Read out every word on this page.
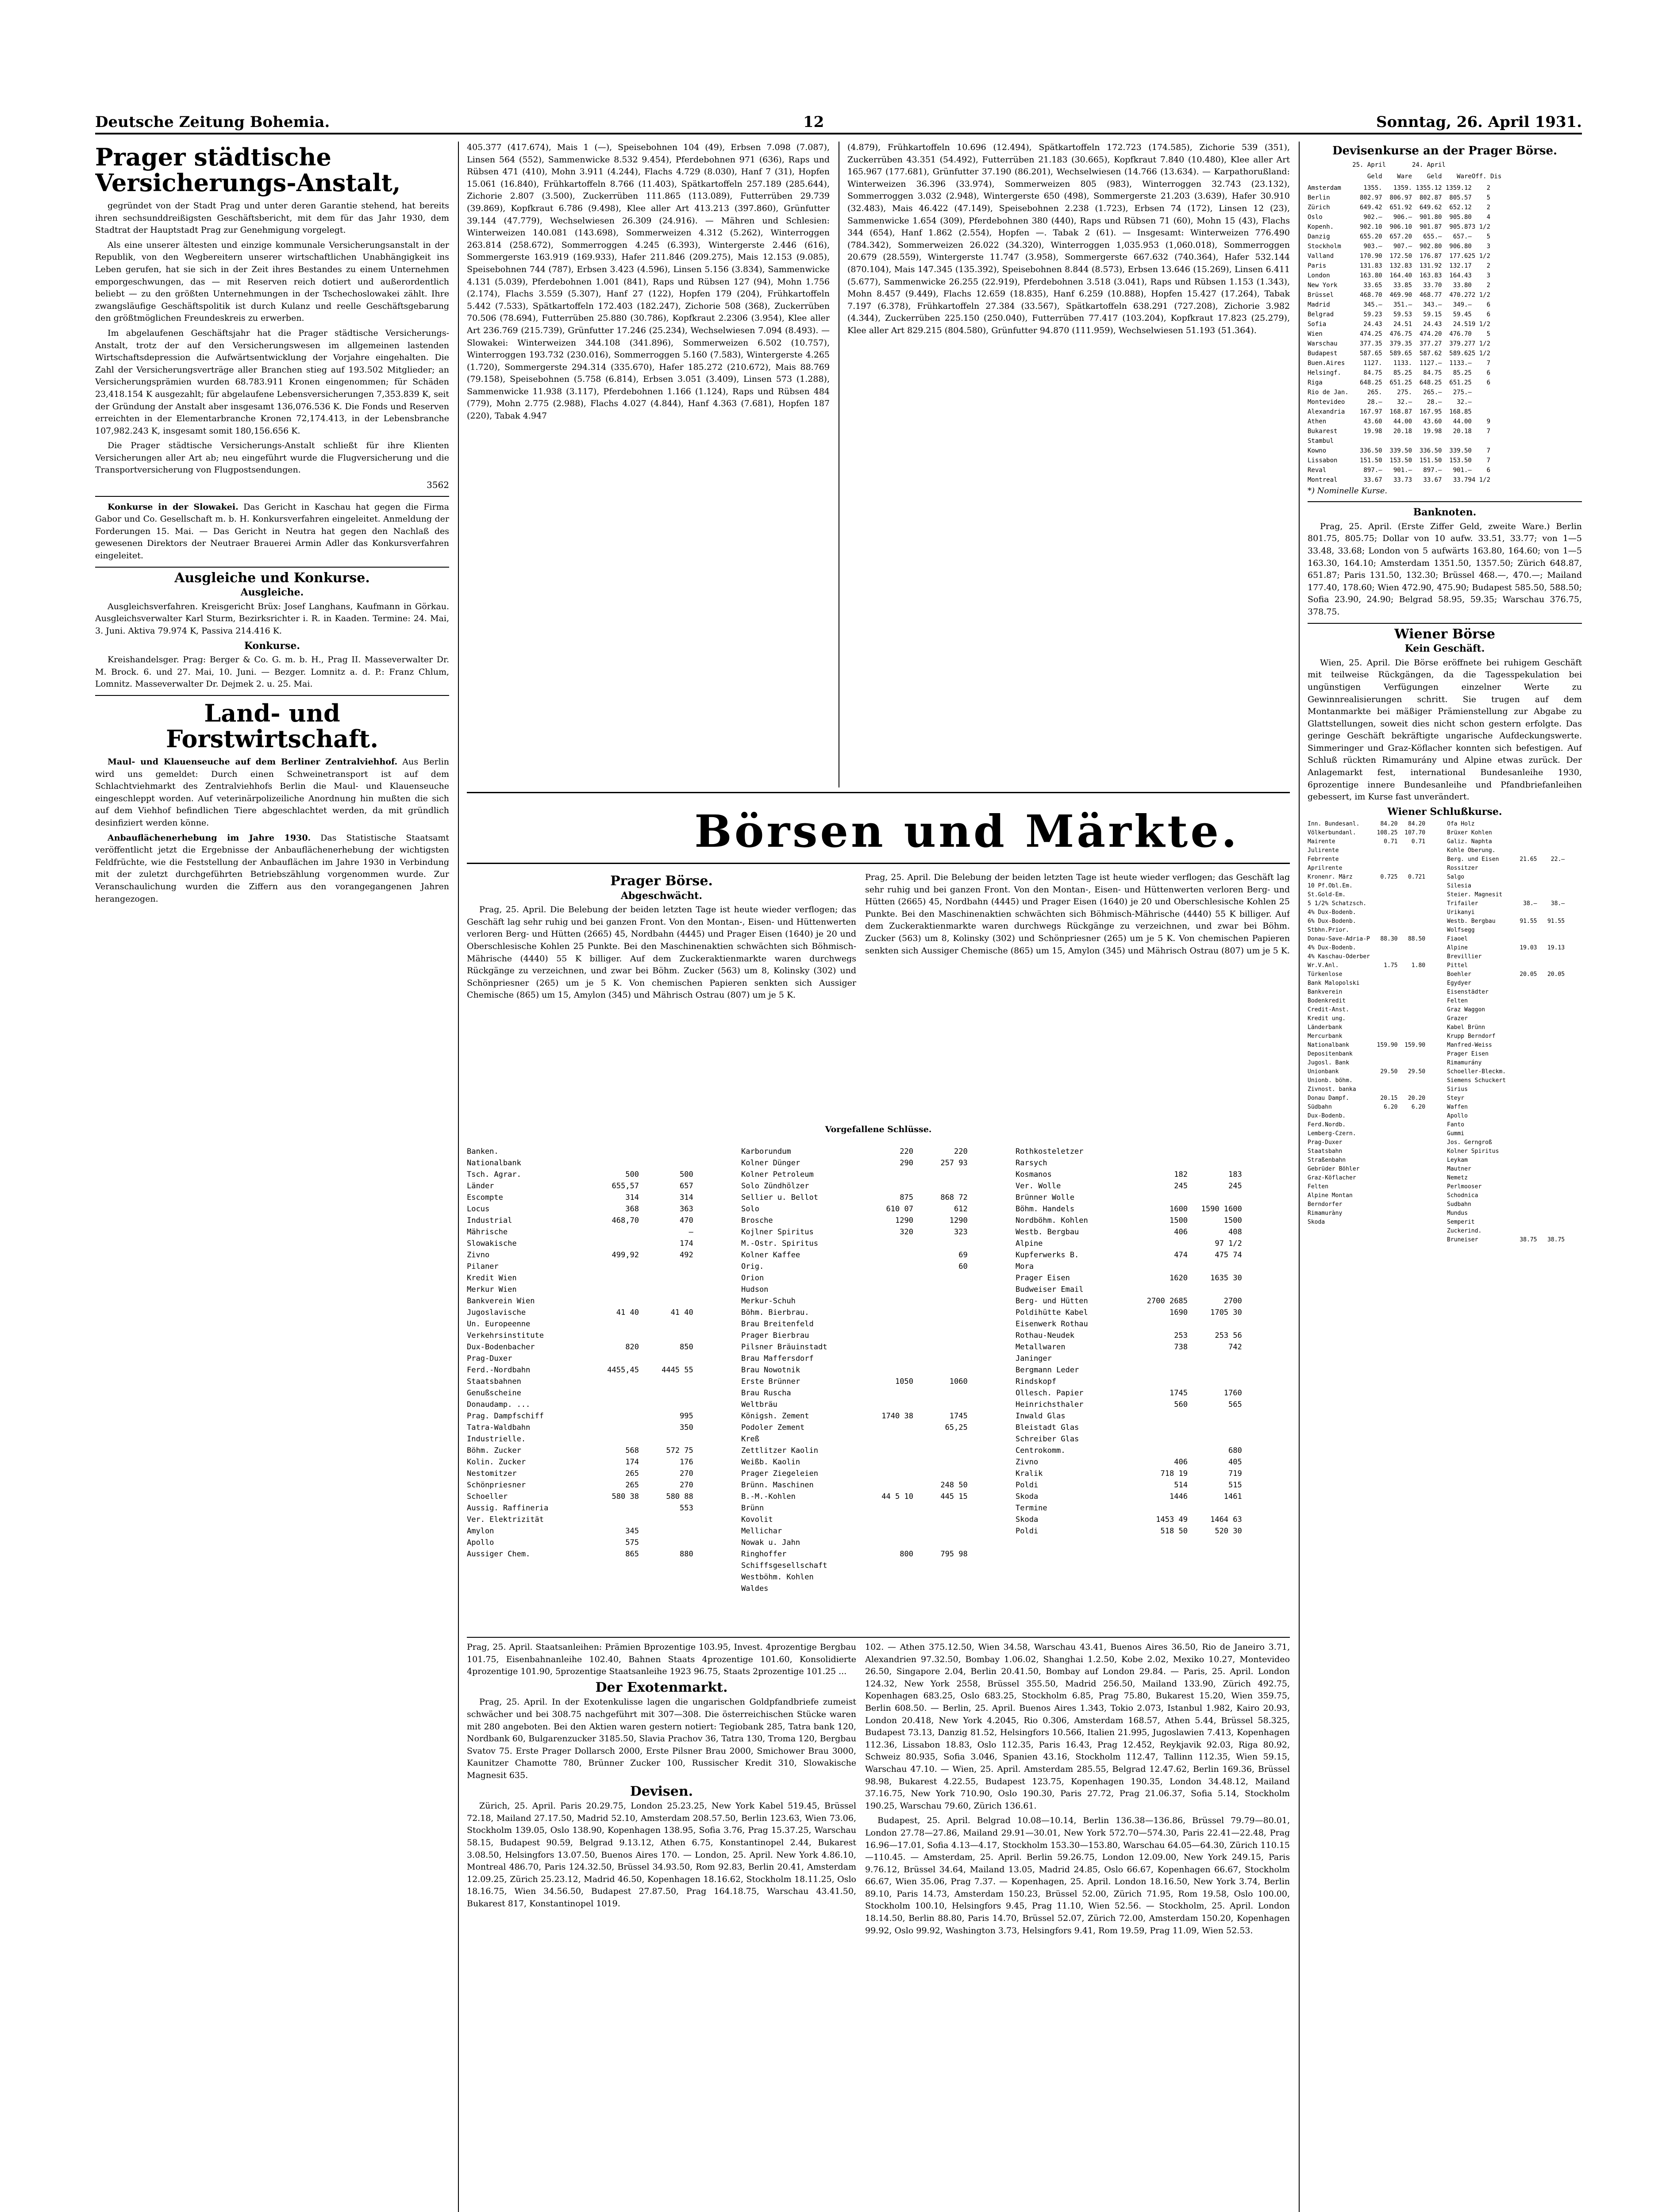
Deutsche Zeitung Bohemia.	12	Sonntag, 26. April 1931.
Prager städtische Versicherungs-Anstalt,

gegründet von der Stadt Prag und unter deren Garantie stehend, hat bereits ihren sechsunddreißigsten Geschäftsbericht, mit dem für das Jahr 1930, dem Stadtrat der Hauptstadt Prag zur Genehmigung vorgelegt.

Als eine unserer ältesten und einzige kommunale Versicherungsanstalt in der Republik, von den Wegbereitern unserer wirtschaftlichen Unabhängigkeit ins Leben gerufen, hat sie sich in der Zeit ihres Bestandes zu einem Unternehmen emporgeschwungen, das — mit Reserven reich dotiert und außerordentlich beliebt — zu den größten Unternehmungen in der Tschechoslowakei zählt. Ihre zwangsläufige Geschäftspolitik ist durch Kulanz und reelle Geschäftsgebarung den größtmöglichen Freundeskreis zu erwerben.

Im abgelaufenen Geschäftsjahr hat die Prager städtische Versicherungs-Anstalt, trotz der auf den Versicherungswesen im allgemeinen lastenden Wirtschaftsdepression die Aufwärtsentwicklung der Vorjahre eingehalten. Die Zahl der Versicherungsverträge aller Branchen stieg auf 193.502 Mitglieder; an Versicherungsprämien wurden 68.783.911 Kronen eingenommen; für Schäden 23,418.154 K ausgezahlt; für abgelaufene Lebensversicherungen 7,353.839 K, seit der Gründung der Anstalt aber insgesamt 136,076.536 K. Die Fonds und Reserven erreichten in der Elementarbranche Kronen 72,174.413, in der Lebensbranche 107,982.243 K, insgesamt somit 180,156.656 K.

Die Prager städtische Versicherungs-Anstalt schließt für ihre Klienten Versicherungen aller Art ab; neu eingeführt wurde die Flugversicherung und die Transportversicherung von Flugpostsendungen.

3562

Konkurse in der Slowakei. Das Gericht in Kaschau hat gegen die Firma Gabor und Co. Gesellschaft m. b. H. Konkursverfahren eingeleitet. Anmeldung der Forderungen 15. Mai. — Das Gericht in Neutra hat gegen den Nachlaß des gewesenen Direktors der Neutraer Brauerei Armin Adler das Konkursverfahren eingeleitet.

Ausgleiche und Konkurse.
Ausgleiche.

Ausgleichsverfahren. Kreisgericht Brüx: Josef Langhans, Kaufmann in Görkau. Ausgleichsverwalter Karl Sturm, Bezirksrichter i. R. in Kaaden. Termine: 24. Mai, 3. Juni. Aktiva 79.974 K, Passiva 214.416 K.

Konkurse.

Kreishandelsger. Prag: Berger & Co. G. m. b. H., Prag II. Masseverwalter Dr. M. Brock. 6. und 27. Mai, 10. Juni. — Bezger. Lomnitz a. d. P.: Franz Chlum, Lomnitz. Masseverwalter Dr. Dejmek 2. u. 25. Mai.

Land- und Forstwirtschaft.

Maul- und Klauenseuche auf dem Berliner Zentralviehhof. Aus Berlin wird uns gemeldet: Durch einen Schweinetransport ist auf dem Schlachtviehmarkt des Zentralviehhofs Berlin die Maul- und Klauenseuche eingeschleppt worden. Auf veterinärpolizeiliche Anordnung hin mußten die sich auf dem Viehhof befindlichen Tiere abgeschlachtet werden, da mit gründlich desinfiziert werden könne.

Anbauflächenerhebung im Jahre 1930. Das Statistische Staatsamt veröffentlicht jetzt die Ergebnisse der Anbauflächenerhebung der wichtigsten Feldfrüchte, wie die Feststellung der Anbauflächen im Jahre 1930 in Verbindung mit der zuletzt durchgeführten Betriebszählung vorgenommen wurde. Zur Veranschaulichung wurden die Ziffern aus den vorangegangenen Jahren herangezogen.

405.377 (417.674), Mais 1 (—), Speisebohnen 104 (49), Erbsen 7.098 (7.087), Linsen 564 (552), Sammenwicke 8.532 9.454), Pferdebohnen 971 (636), Raps und Rübsen 471 (410), Mohn 3.911 (4.244), Flachs 4.729 (8.030), Hanf 7 (31), Hopfen 15.061 (16.840), Frühkartoffeln 8.766 (11.403), Spätkartoffeln 257.189 (285.644), Zichorie 2.807 (3.500), Zuckerrüben 111.865 (113.089), Futterrüben 29.739 (39.869), Kopfkraut 6.786 (9.498), Klee aller Art 413.213 (397.860), Grünfutter 39.144 (47.779), Wechselwiesen 26.309 (24.916). — Mähren und Schlesien: Winterweizen 140.081 (143.698), Sommerweizen 4.312 (5.262), Winterroggen 263.814 (258.672), Sommerroggen 4.245 (6.393), Wintergerste 2.446 (616), Sommergerste 163.919 (169.933), Hafer 211.846 (209.275), Mais 12.153 (9.085), Speisebohnen 744 (787), Erbsen 3.423 (4.596), Linsen 5.156 (3.834), Sammenwicke 4.131 (5.039), Pferdebohnen 1.001 (841), Raps und Rübsen 127 (94), Mohn 1.756 (2.174), Flachs 3.559 (5.307), Hanf 27 (122), Hopfen 179 (204), Frühkartoffeln 5.442 (7.533), Spätkartoffeln 172.403 (182.247), Zichorie 508 (368), Zuckerrüben 70.506 (78.694), Futterrüben 25.880 (30.786), Kopfkraut 2.2306 (3.954), Klee aller Art 236.769 (215.739), Grünfutter 17.246 (25.234), Wechselwiesen 7.094 (8.493). — Slowakei: Winterweizen 344.108 (341.896), Sommerweizen 6.502 (10.757), Winterroggen 193.732 (230.016), Sommerroggen 5.160 (7.583), Wintergerste 4.265 (1.720), Sommergerste 294.314 (335.670), Hafer 185.272 (210.672), Mais 88.769 (79.158), Speisebohnen (5.758 (6.814), Erbsen 3.051 (3.409), Linsen 573 (1.288), Sammenwicke 11.938 (3.117), Pferdebohnen 1.166 (1.124), Raps und Rübsen 484 (779), Mohn 2.775 (2.988), Flachs 4.027 (4.844), Hanf 4.363 (7.681), Hopfen 187 (220), Tabak 4.947

(4.879), Frühkartoffeln 10.696 (12.494), Spätkartoffeln 172.723 (174.585), Zichorie 539 (351), Zuckerrüben 43.351 (54.492), Futterrüben 21.183 (30.665), Kopfkraut 7.840 (10.480), Klee aller Art 165.967 (177.681), Grünfutter 37.190 (86.201), Wechselwiesen (14.766 (13.634). — Karpathorußland: Winterweizen 36.396 (33.974), Sommerweizen 805 (983), Winterroggen 32.743 (23.132), Sommerroggen 3.032 (2.948), Wintergerste 650 (498), Sommergerste 21.203 (3.639), Hafer 30.910 (32.483), Mais 46.422 (47.149), Speisebohnen 2.238 (1.723), Erbsen 74 (172), Linsen 12 (23), Sammenwicke 1.654 (309), Pferdebohnen 380 (440), Raps und Rübsen 71 (60), Mohn 15 (43), Flachs 344 (654), Hanf 1.862 (2.554), Hopfen —. Tabak 2 (61). — Insgesamt: Winterweizen 776.490 (784.342), Sommerweizen 26.022 (34.320), Winterroggen 1,035.953 (1,060.018), Sommerroggen 20.679 (28.559), Wintergerste 11.747 (3.958), Sommergerste 667.632 (740.364), Hafer 532.144 (870.104), Mais 147.345 (135.392), Speisebohnen 8.844 (8.573), Erbsen 13.646 (15.269), Linsen 6.411 (5.677), Sammenwicke 26.255 (22.919), Pferdebohnen 3.518 (3.041), Raps und Rübsen 1.153 (1.343), Mohn 8.457 (9.449), Flachs 12.659 (18.835), Hanf 6.259 (10.888), Hopfen 15.427 (17.264), Tabak 7.197 (6.378), Frühkartoffeln 27.384 (33.567), Spätkartoffeln 638.291 (727.208), Zichorie 3.982 (4.344), Zuckerrüben 225.150 (250.040), Futterrüben 77.417 (103.204), Kopfkraut 17.823 (25.279), Klee aller Art 829.215 (804.580), Grünfutter 94.870 (111.959), Wechselwiesen 51.193 (51.364).

Börsen und Märkte.
Prager Börse.
Abgeschwächt.

Prag, 25. April. Die Belebung der beiden letzten Tage ist heute wieder verflogen; das Geschäft lag sehr ruhig und bei ganzen Front. Von den Montan-, Eisen- und Hüttenwerten verloren Berg- und Hütten (2665) 45, Nordbahn (4445) und Prager Eisen (1640) je 20 und Oberschlesische Kohlen 25 Punkte. Bei den Maschinenaktien schwächten sich Böhmisch-Mährische (4440) 55 K billiger. Auf dem Zuckeraktienmarkte waren durchwegs Rückgänge zu verzeichnen, und zwar bei Böhm. Zucker (563) um 8, Kolinsky (302) und Schönpriesner (265) um je 5 K. Von chemischen Papieren senkten sich Aussiger Chemische (865) um 15, Amylon (345) und Mährisch Ostrau (807) um je 5 K.

Prag, 25. April. Die Belebung der beiden letzten Tage ist heute wieder verflogen; das Geschäft lag sehr ruhig und bei ganzen Front. Von den Montan-, Eisen- und Hüttenwerten verloren Berg- und Hütten (2665) 45, Nordbahn (4445) und Prager Eisen (1640) je 20 und Oberschlesische Kohlen 25 Punkte. Bei den Maschinenaktien schwächten sich Böhmisch-Mährische (4440) 55 K billiger. Auf dem Zuckeraktienmarkte waren durchwegs Rückgänge zu verzeichnen, und zwar bei Böhm. Zucker (563) um 8, Kolinsky (302) und Schönpriesner (265) um je 5 K. Von chemischen Papieren senkten sich Aussiger Chemische (865) um 15, Amylon (345) und Mährisch Ostrau (807) um je 5 K.

Vorgefallene Schlüsse.
Banken.
Nationalbank
Tsch. Agrar.                       500         500
Länder                          655,57         657
Escompte                           314         314
Locus                              368         363
Industrial                      468,70         470
Mährische                                        —
Slowakische                                    174
Zivno                           499,92         492
Pilaner
Kredit Wien
Merkur Wien
Bankverein Wien
Jugoslavische                    41 40       41 40
Un. Europeenne
Verkehrsinstitute
Dux-Bodenbacher                    820         850
Prag-Duxer
Ferd.-Nordbahn                 4455,45     4445 55
Staatsbahnen
Genußscheine
Donaudamp. ...
Prag. Dampfschiff                              995
Tatra-Waldbahn                                 350
Industrielle.
Böhm. Zucker                       568      572 75
Kolin. Zucker                      174         176
Nestomitzer                        265         270
Schönpriesner                      265         270
Schoeller                       580 38      580 88
Aussig. Raffineria                             553
Ver. Elektrizität
Amylon                             345
Apollo                             575
Aussiger Chem.                     865         880
Karborundum                        220         220
Kolner Dünger                      290      257 93
Kolner Petroleum
Solo Zündhölzer
Sellier u. Bellot                  875      868 72
Solo                            610 07         612
Brosche                           1290        1290
Kojlner Spiritus                   320         323
M.-Ostr. Spiritus
Kolner Kaffee                                   69
Orig.                                           60
Orion
Hudson
Merkur-Schuh
Böhm. Bierbrau.
Brau Breitenfeld
Prager Bierbrau
Pilsner Bräuinstadt
Brau Maffersdorf
Brau Nowotnik
Erste Brünner                     1050        1060
Brau Ruscha
Weltbräu
Königsh. Zement                1740 38        1745
Podoler Zement                               65,25
Kreß
Zettlitzer Kaolin
Weißb. Kaolin
Prager Ziegeleien
Brünn. Maschinen                            248 50
B.-M.-Kohlen                   44 5 10      445 15
Brünn
Kovolit
Mellichar
Nowak u. Jahn
Ringhoffer                         800      795 98
Schiffsgesellschaft
Westböhm. Kohlen
Waldes
Rothkosteletzer
Rarsych
Kosmanos                           182         183
Ver. Wolle                         245         245
Brünner Wolle
Böhm. Handels                     1600   1590 1600
Nordböhm. Kohlen                  1500        1500
Westb. Bergbau                     406         408
Alpine                                      97 1/2
Kupferwerks B.                     474      475 74
Mora
Prager Eisen                      1620     1635 30
Budweiser Email
Berg- und Hütten             2700 2685        2700
Poldihütte Kabel                  1690     1705 30
Eisenwerk Rothau
Rothau-Neudek                      253      253 56
Metallwaren                        738         742
Janinger
Bergmann Leder
Rindskopf
Ollesch. Papier                   1745        1760
Heinrichsthaler                    560         565
Inwald Glas
Bleistadt Glas
Schreiber Glas
Centrokomm.                                    680
Zivno                              406         405
Kralik                          718 19         719
Poldi                              514         515
Skoda                             1446        1461
Termine
Skoda                          1453 49     1464 63
Poldi                           518 50      520 30

Prag, 25. April. Staatsanleihen: Prämien Bprozentige 103.95, Invest. 4prozentige Bergbau 101.75, Eisenbahnanleihe 102.40, Bahnen Staats 4prozentige 101.60, Konsolidierte 4prozentige 101.90, 5prozentige Staatsanleihe 1923 96.75, Staats 2prozentige 101.25 ...

Der Exotenmarkt.

Prag, 25. April. In der Exotenkulisse lagen die ungarischen Goldpfandbriefe zumeist schwächer und bei 308.75 nachgeführt mit 307—308. Die österreichischen Stücke waren mit 280 angeboten. Bei den Aktien waren gestern notiert: Tegiobank 285, Tatra bank 120, Nordbank 60, Bulgarenzucker 3185.50, Slavia Prachov 36, Tatra 130, Troma 120, Bergbau Svatov 75. Erste Prager Dollarsch 2000, Erste Pilsner Brau 2000, Smichower Brau 3000, Kaunitzer Chamotte 780, Brünner Zucker 100, Russischer Kredit 310, Slowakische Magnesit 635.

Devisen.

Zürich, 25. April. Paris 20.29.75, London 25.23.25, New York Kabel 519.45, Brüssel 72.18, Mailand 27.17.50, Madrid 52.10, Amsterdam 208.57.50, Berlin 123.63, Wien 73.06, Stockholm 139.05, Oslo 138.90, Kopenhagen 138.95, Sofia 3.76, Prag 15.37.25, Warschau 58.15, Budapest 90.59, Belgrad 9.13.12, Athen 6.75, Konstantinopel 2.44, Bukarest 3.08.50, Helsingfors 13.07.50, Buenos Aires 170. — London, 25. April. New York 4.86.10, Montreal 486.70, Paris 124.32.50, Brüssel 34.93.50, Rom 92.83, Berlin 20.41, Amsterdam 12.09.25, Zürich 25.23.12, Madrid 46.50, Kopenhagen 18.16.62, Stockholm 18.11.25, Oslo 18.16.75, Wien 34.56.50, Budapest 27.87.50, Prag 164.18.75, Warschau 43.41.50, Bukarest 817, Konstantinopel 1019.

102. — Athen 375.12.50, Wien 34.58, Warschau 43.41, Buenos Aires 36.50, Rio de Janeiro 3.71, Alexandrien 97.32.50, Bombay 1.06.02, Shanghai 1.2.50, Kobe 2.02, Mexiko 10.27, Montevideo 26.50, Singapore 2.04, Berlin 20.41.50, Bombay auf London 29.84. — Paris, 25. April. London 124.32, New York 2558, Brüssel 355.50, Madrid 256.50, Mailand 133.90, Zürich 492.75, Kopenhagen 683.25, Oslo 683.25, Stockholm 6.85, Prag 75.80, Bukarest 15.20, Wien 359.75, Berlin 608.50. — Berlin, 25. April. Buenos Aires 1.343, Tokio 2.073, Istanbul 1.982, Kairo 20.93, London 20.418, New York 4.2045, Rio 0.306, Amsterdam 168.57, Athen 5.44, Brüssel 58.325, Budapest 73.13, Danzig 81.52, Helsingfors 10.566, Italien 21.995, Jugoslawien 7.413, Kopenhagen 112.36, Lissabon 18.83, Oslo 112.35, Paris 16.43, Prag 12.452, Reykjavik 92.03, Riga 80.92, Schweiz 80.935, Sofia 3.046, Spanien 43.16, Stockholm 112.47, Tallinn 112.35, Wien 59.15, Warschau 47.10. — Wien, 25. April. Amsterdam 285.55, Belgrad 12.47.62, Berlin 169.36, Brüssel 98.98, Bukarest 4.22.55, Budapest 123.75, Kopenhagen 190.35, London 34.48.12, Mailand 37.16.75, New York 710.90, Oslo 190.30, Paris 27.72, Prag 21.06.37, Sofia 5.14, Stockholm 190.25, Warschau 79.60, Zürich 136.61.

Budapest, 25. April. Belgrad 10.08—10.14, Berlin 136.38—136.86, Brüssel 79.79—80.01, London 27.78—27.86, Mailand 29.91—30.01, New York 572.70—574.30, Paris 22.41—22.48, Prag 16.96—17.01, Sofia 4.13—4.17, Stockholm 153.30—153.80, Warschau 64.05—64.30, Zürich 110.15—110.45. — Amsterdam, 25. April. Berlin 59.26.75, London 12.09.00, New York 249.15, Paris 9.76.12, Brüssel 34.64, Mailand 13.05, Madrid 24.85, Oslo 66.67, Kopenhagen 66.67, Stockholm 66.67, Wien 35.06, Prag 7.37. — Kopenhagen, 25. April. London 18.16.50, New York 3.74, Berlin 89.10, Paris 14.73, Amsterdam 150.23, Brüssel 52.00, Zürich 71.95, Rom 19.58, Oslo 100.00, Stockholm 100.10, Helsingfors 9.45, Prag 11.10, Wien 52.56. — Stockholm, 25. April. London 18.14.50, Berlin 88.80, Paris 14.70, Brüssel 52.07, Zürich 72.00, Amsterdam 150.20, Kopenhagen 99.92, Oslo 99.92, Washington 3.73, Helsingfors 9.41, Rom 19.59, Prag 11.09, Wien 52.53.

Devisenkurse an der Prager Börse.
25. April       24. April
Geld    Ware    Geld    WareOff. Dis
Amsterdam      1355.   1359. 1355.12 1359.12    2
Berlin        802.97  806.97  802.87  805.57    5
Zürich        649.42  651.92  649.62  652.12    2
Oslo           902.—   906.—  901.80  905.80    4
Kopenh.       902.10  906.10  901.87  905.873 1/2
Danzig        655.20  657.20   655.—   657.—    5
Stockholm      903.—   907.—  902.80  906.80    3
Valland       170.90  172.50  176.87  177.625 1/2
Paris         131.83  132.83  131.92  132.17    2
London        163.80  164.40  163.83  164.43    3
New York       33.65   33.85   33.70   33.80    2
Brüssel       468.70  469.90  468.77  470.272 1/2
Madrid         345.—   351.—   343.—   349.—    6
Belgrad        59.23   59.53   59.15   59.45    6
Sofia          24.43   24.51   24.43   24.519 1/2
Wien          474.25  476.75  474.20  476.70    5
Warschau      377.35  379.35  377.27  379.277 1/2
Budapest      587.65  589.65  587.62  589.625 1/2
Buen.Aires     1127.   1133.  1127.—  1133.—    7
Helsingf.      84.75   85.25   84.75   85.25    6
Riga          648.25  651.25  648.25  651.25    6
Rio de Jan.     265.    275.   265.—   275.—
Montevideo      28.—    32.—    28.—    32.—
Alexandria    167.97  168.87  167.95  168.85
Athen          43.60   44.00   43.60   44.00    9
Bukarest       19.98   20.18   19.98   20.18    7
Stambul
Kowno         336.50  339.50  336.50  339.50    7
Lissabon      151.50  153.50  151.50  153.50    7
Reval          897.—   901.—   897.—   901.—    6
Montreal       33.67   33.73   33.67   33.794 1/2
*) Nominelle Kurse.
Banknoten.

Prag, 25. April. (Erste Ziffer Geld, zweite Ware.) Berlin 801.75, 805.75; Dollar von 10 aufw. 33.51, 33.77; von 1—5 33.48, 33.68; London von 5 aufwärts 163.80, 164.60; von 1—5 163.30, 164.10; Amsterdam 1351.50, 1357.50; Zürich 648.87, 651.87; Paris 131.50, 132.30; Brüssel 468.—, 470.—; Mailand 177.40, 178.60; Wien 472.90, 475.90; Budapest 585.50, 588.50; Sofia 23.90, 24.90; Belgrad 58.95, 59.35; Warschau 376.75, 378.75.

Wiener Börse
Kein Geschäft.

Wien, 25. April. Die Börse eröffnete bei ruhigem Geschäft mit teilweise Rückgängen, da die Tagesspekulation bei ungünstigen Verfügungen einzelner Werte zu Gewinnrealisierungen schritt. Sie trugen auf dem Montanmarkte bei mäßiger Prämienstellung zur Abgabe zu Glattstellungen, soweit dies nicht schon gestern erfolgte. Das geringe Geschäft bekräftigte ungarische Aufdeckungswerte. Simmeringer und Graz-Köflacher konnten sich befestigen. Auf Schluß rückten Rimamurány und Alpine etwas zurück. Der Anlagemarkt fest, international Bundesanleihe 1930, 6prozentige innere Bundesanleihe und Pfandbriefanleihen gebessert, im Kurse fast unverändert.

Wiener Schlußkurse.
Inn. Bundesanl.      84.20   84.20
Völkerbundanl.      108.25  107.70
Mairente              0.71    0.71
Julirente
Febrrente
Aprilrente
Kronenr. März        0.725   0.721
10 Pf.Obl.Em.
St.Gold-Em.
5 1/2% Schatzsch.
4% Dux-Bodenb.
6% Dux-Bodenb.
Stbhn.Prior.
Donau-Save-Adria-P   88.30   88.50
4% Dux-Bodenb.
4% Kaschau-Oderber
Wr.V.Anl.             1.75    1.80
Türkenlose
Bank Malopolski
Bankverein
Bodenkredit
Credit-Anst.
Kredit ung.
Länderbank
Mercurbank
Nationalbank        159.90  159.90
Depositenbank
Jugosl. Bank
Unionbank            29.50   29.50
Unionb. böhm.
Zivnost. banka
Donau Dampf.         20.15   20.20
Südbahn               6.20    6.20
Dux-Bodenb.
Ferd.Nordb.
Lemberg-Czern.
Prag-Duxer
Staatsbahn
Straßenbahn
Gebrüder Böhler
Graz-Köflacher
Felten
Alpine Montan
Berndorfer
Rimamuràny
Skoda
Ofa Holz
Brüxer Kohlen
Galiz. Naphta
Kohle Oberung.
Berg. und Eisen      21.65    22.—
Rossitzer
Salgo
Silesia
Steier. Magnesit
Trifailer             38.—    38.—
Urikanyi
Westb. Bergbau       91.55   91.55
Wolfsegg
Fiaoel
Alpine               19.03   19.13
Brevillier
Pittel
Boehler              20.05   20.05
Egydyer
Eisenstädter
Felten
Graz Waggon
Grazer
Kabel Brünn
Krupp Berndorf
Manfred-Weiss
Prager Eisen
Rimamurány
Schoeller-Bleckm.
Siemens Schuckert
Sirius
Steyr
Waffen
Apollo
Fanto
Gummi
Jos. Gerngroß
Kolner Spiritus
Leykam
Mautner
Nemetz
Perlmooser
Schodnica
Sudbahn
Mundus
Semperit
Zuckerind.
Bruneiser            38.75   38.75
